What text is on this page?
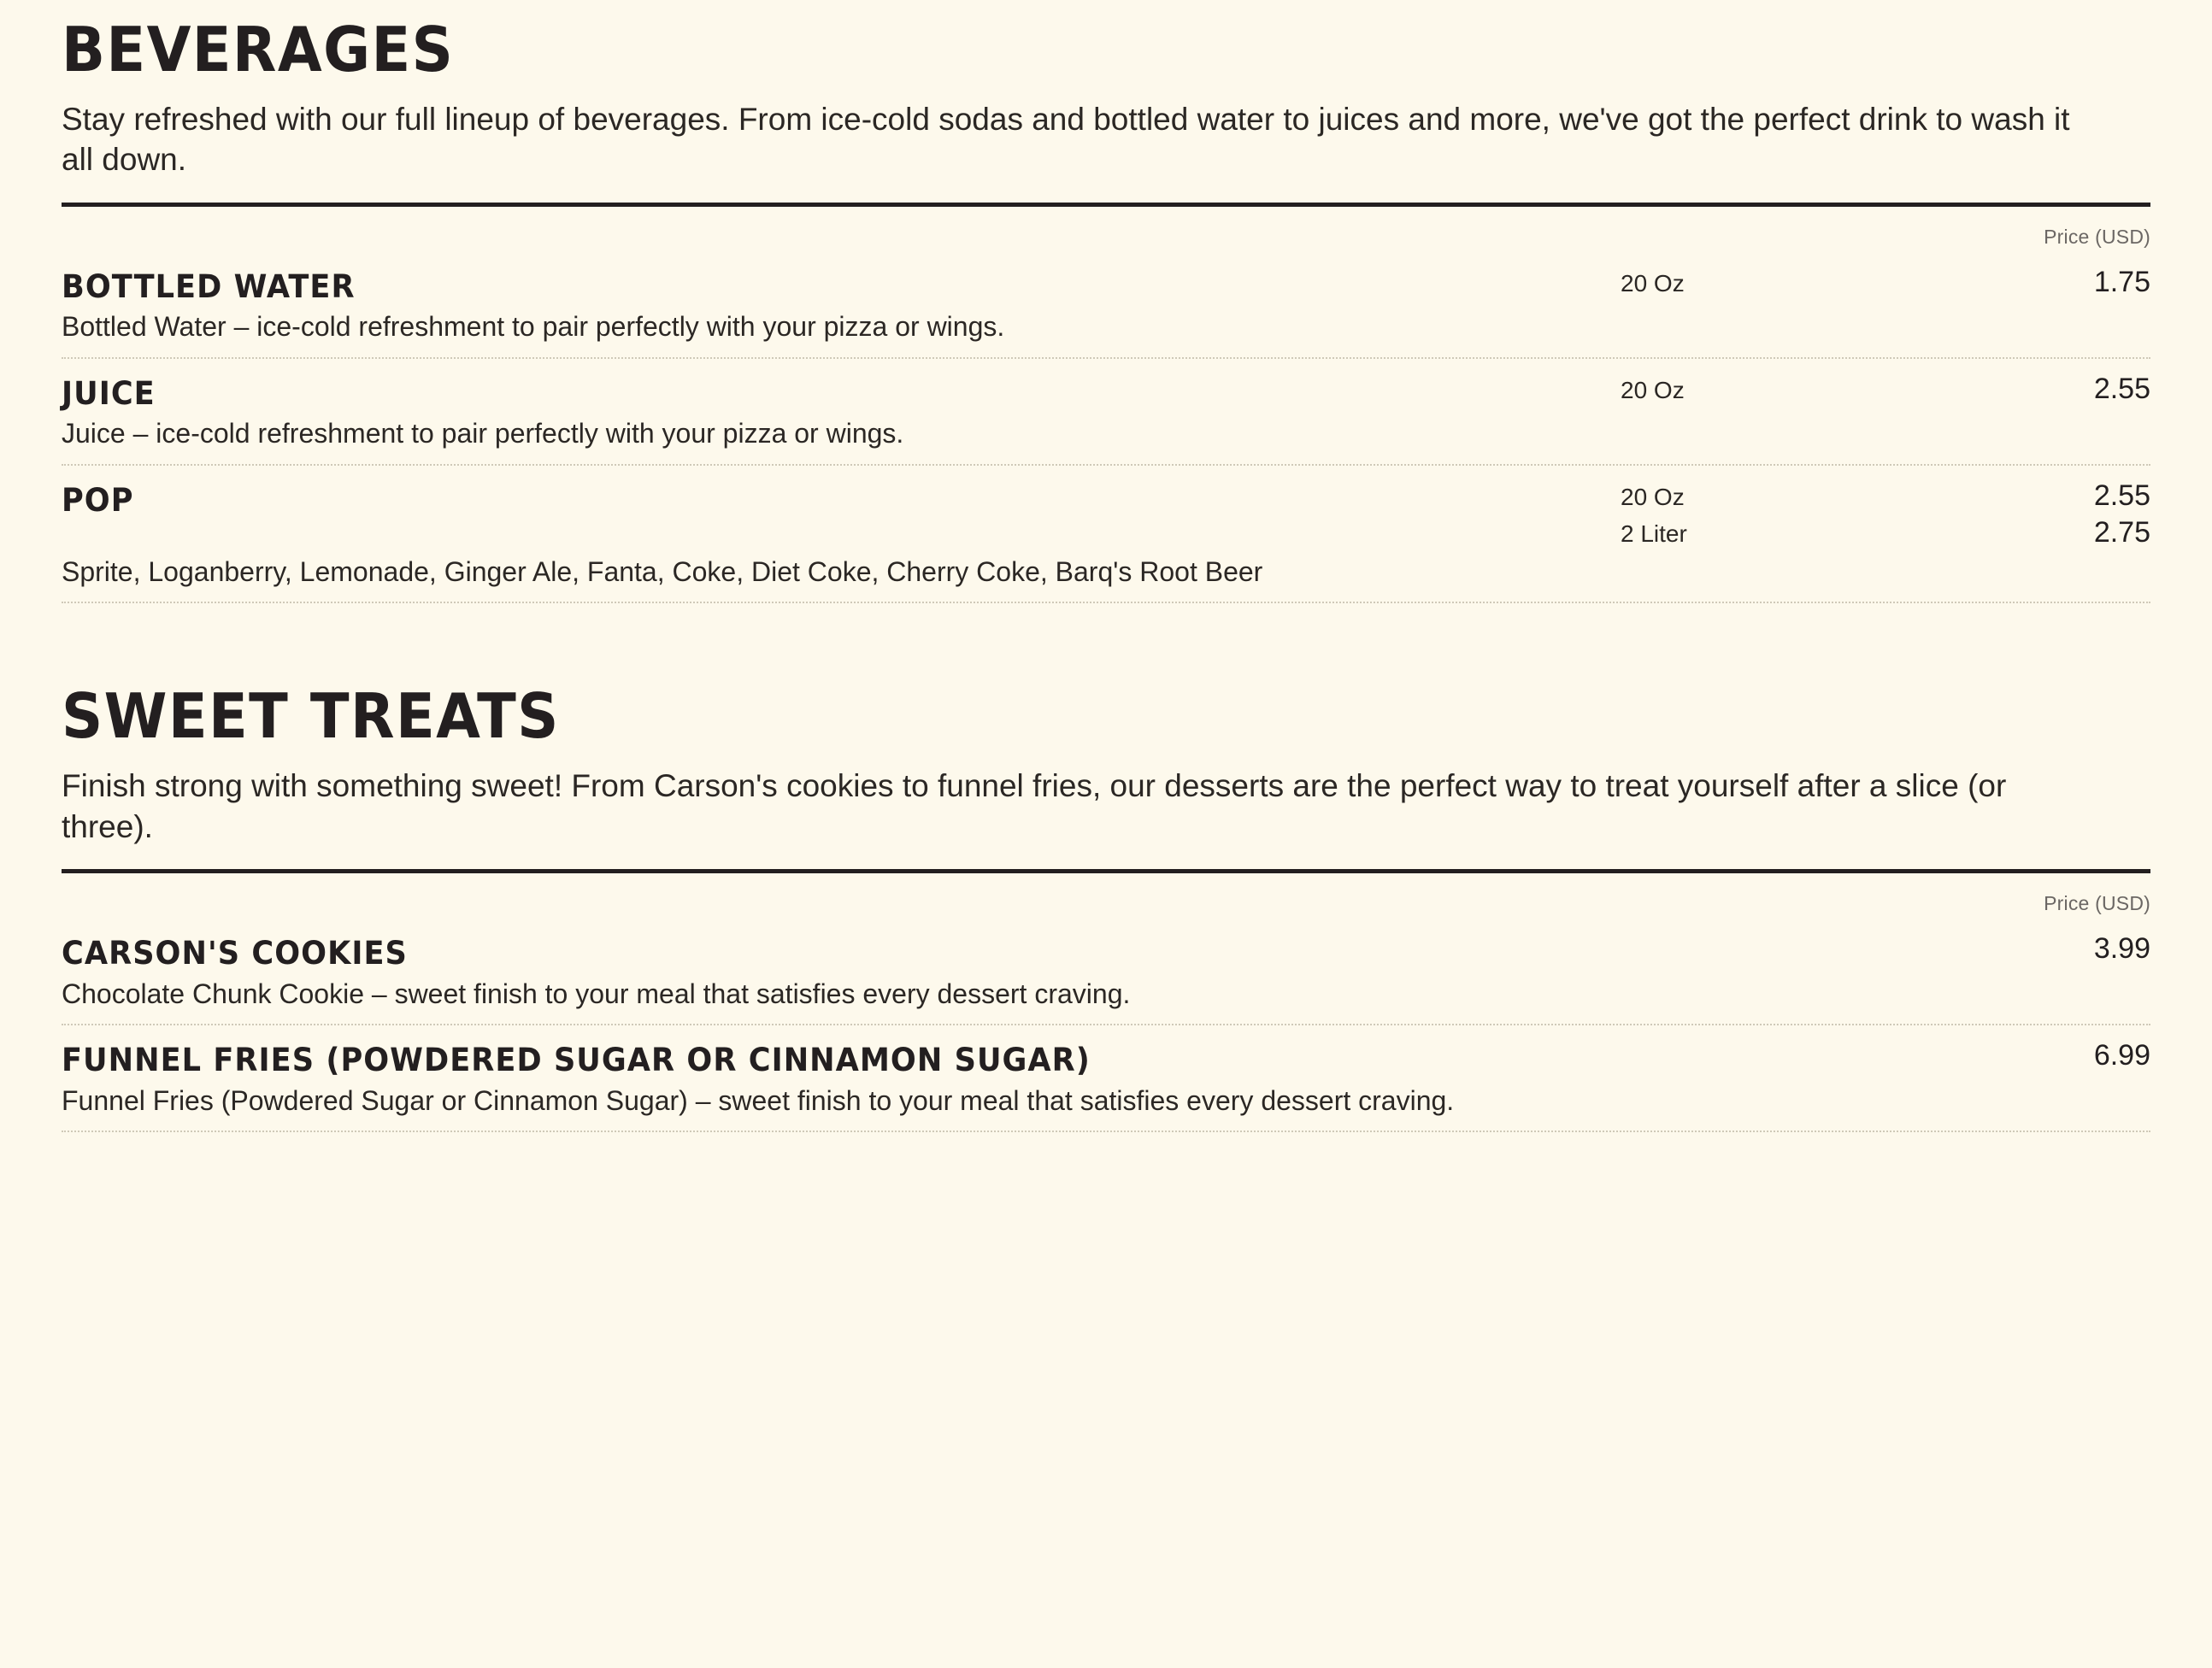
BEVERAGES

Stay refreshed with our full lineup of beverages. From ice-cold sodas and bottled water to juices and more, we've got the perfect drink to wash it all down.

Price (USD)
BOTTLED WATER	20 Oz	1.75
Bottled Water – ice-cold refreshment to pair perfectly with your pizza or wings.
JUICE	20 Oz	2.55
Juice – ice-cold refreshment to pair perfectly with your pizza or wings.
POP	20 Oz	2.55
2 Liter	2.75
Sprite, Loganberry, Lemonade, Ginger Ale, Fanta, Coke, Diet Coke, Cherry Coke, Barq's Root Beer
SWEET TREATS

Finish strong with something sweet! From Carson's cookies to funnel fries, our desserts are the perfect way to treat yourself after a slice (or three).

Price (USD)
CARSON'S COOKIES	3.99
Chocolate Chunk Cookie – sweet finish to your meal that satisfies every dessert craving.
FUNNEL FRIES (POWDERED SUGAR OR CINNAMON SUGAR)	6.99
Funnel Fries (Powdered Sugar or Cinnamon Sugar) – sweet finish to your meal that satisfies every dessert craving.
